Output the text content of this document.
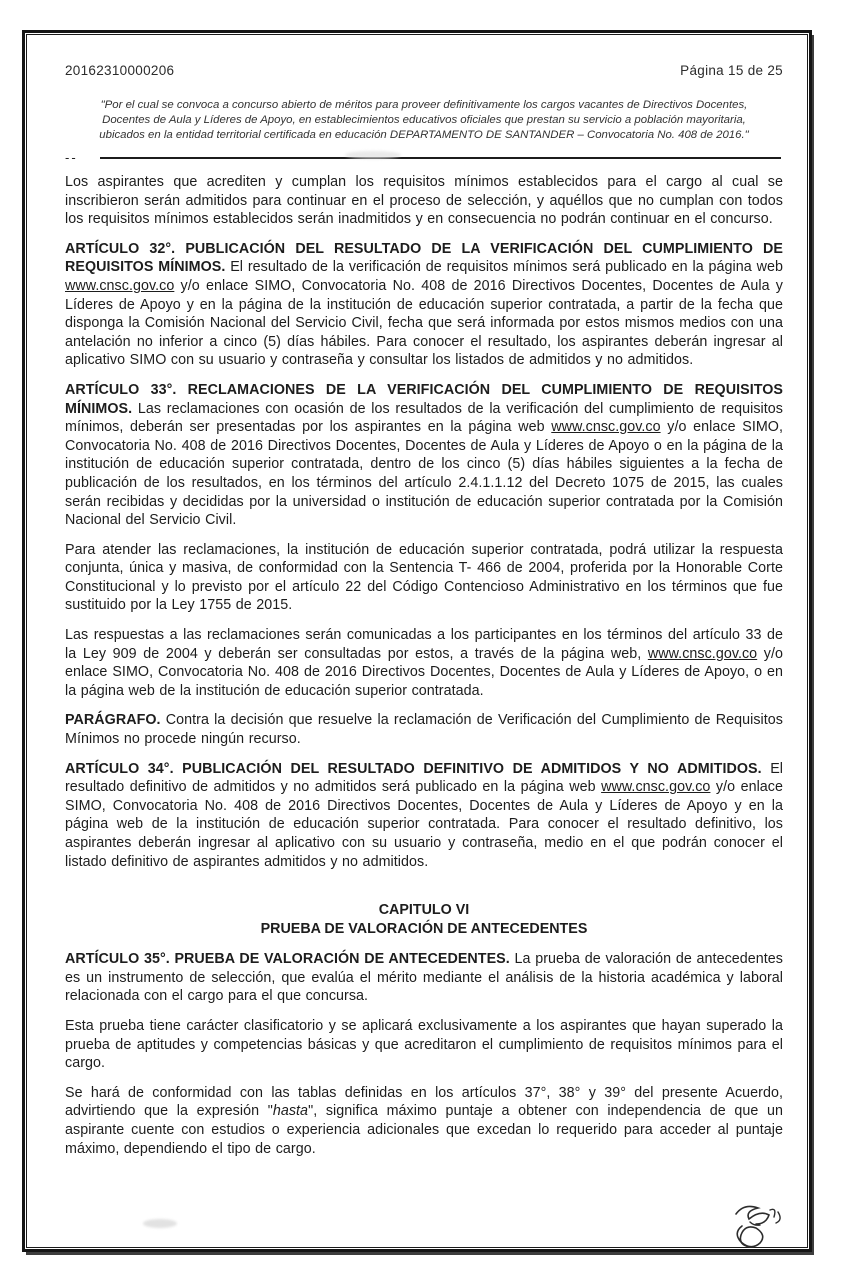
20162310000206	Página 15 de 25

"Por el cual se convoca a concurso abierto de méritos para proveer definitivamente los cargos vacantes de Directivos Docentes, Docentes de Aula y Líderes de Apoyo, en establecimientos educativos oficiales que prestan su servicio a población mayoritaria, ubicados en la entidad territorial certificada en educación DEPARTAMENTO DE SANTANDER – Convocatoria No. 408 de 2016."

--

Los aspirantes que acrediten y cumplan los requisitos mínimos establecidos para el cargo al cual se inscribieron serán admitidos para continuar en el proceso de selección, y aquéllos que no cumplan con todos los requisitos mínimos establecidos serán inadmitidos y en consecuencia no podrán continuar en el concurso.

ARTÍCULO 32°. PUBLICACIÓN DEL RESULTADO DE LA VERIFICACIÓN DEL CUMPLIMIENTO DE REQUISITOS MÍNIMOS. El resultado de la verificación de requisitos mínimos será publicado en la página web www.cnsc.gov.co y/o enlace SIMO, Convocatoria No. 408 de 2016 Directivos Docentes, Docentes de Aula y Líderes de Apoyo y en la página de la institución de educación superior contratada, a partir de la fecha que disponga la Comisión Nacional del Servicio Civil, fecha que será informada por estos mismos medios con una antelación no inferior a cinco (5) días hábiles. Para conocer el resultado, los aspirantes deberán ingresar al aplicativo SIMO con su usuario y contraseña y consultar los listados de admitidos y no admitidos.

ARTÍCULO 33°. RECLAMACIONES DE LA VERIFICACIÓN DEL CUMPLIMIENTO DE REQUISITOS MÍNIMOS. Las reclamaciones con ocasión de los resultados de la verificación del cumplimiento de requisitos mínimos, deberán ser presentadas por los aspirantes en la página web www.cnsc.gov.co y/o enlace SIMO, Convocatoria No. 408 de 2016 Directivos Docentes, Docentes de Aula y Líderes de Apoyo o en la página de la institución de educación superior contratada, dentro de los cinco (5) días hábiles siguientes a la fecha de publicación de los resultados, en los términos del artículo 2.4.1.1.12 del Decreto 1075 de 2015, las cuales serán recibidas y decididas por la universidad o institución de educación superior contratada por la Comisión Nacional del Servicio Civil.

Para atender las reclamaciones, la institución de educación superior contratada, podrá utilizar la respuesta conjunta, única y masiva, de conformidad con la Sentencia T- 466 de 2004, proferida por la Honorable Corte Constitucional y lo previsto por el artículo 22 del Código Contencioso Administrativo en los términos que fue sustituido por la Ley 1755 de 2015.

Las respuestas a las reclamaciones serán comunicadas a los participantes en los términos del artículo 33 de la Ley 909 de 2004 y deberán ser consultadas por estos, a través de la página web, www.cnsc.gov.co y/o enlace SIMO, Convocatoria No. 408 de 2016 Directivos Docentes, Docentes de Aula y Líderes de Apoyo, o en la página web de la institución de educación superior contratada.

PARÁGRAFO. Contra la decisión que resuelve la reclamación de Verificación del Cumplimiento de Requisitos Mínimos no procede ningún recurso.

ARTÍCULO 34°. PUBLICACIÓN DEL RESULTADO DEFINITIVO DE ADMITIDOS Y NO ADMITIDOS. El resultado definitivo de admitidos y no admitidos será publicado en la página web www.cnsc.gov.co y/o enlace SIMO, Convocatoria No. 408 de 2016 Directivos Docentes, Docentes de Aula y Líderes de Apoyo y en la página web de la institución de educación superior contratada. Para conocer el resultado definitivo, los aspirantes deberán ingresar al aplicativo con su usuario y contraseña, medio en el que podrán conocer el listado definitivo de aspirantes admitidos y no admitidos.

CAPITULO VI
PRUEBA DE VALORACIÓN DE ANTECEDENTES

ARTÍCULO 35°. PRUEBA DE VALORACIÓN DE ANTECEDENTES. La prueba de valoración de antecedentes es un instrumento de selección, que evalúa el mérito mediante el análisis de la historia académica y laboral relacionada con el cargo para el que concursa.

Esta prueba tiene carácter clasificatorio y se aplicará exclusivamente a los aspirantes que hayan superado la prueba de aptitudes y competencias básicas y que acreditaron el cumplimiento de requisitos mínimos para el cargo.

Se hará de conformidad con las tablas definidas en los artículos 37°, 38° y 39° del presente Acuerdo, advirtiendo que la expresión "hasta", significa máximo puntaje a obtener con independencia de que un aspirante cuente con estudios o experiencia adicionales que excedan lo requerido para acceder al puntaje máximo, dependiendo el tipo de cargo.
